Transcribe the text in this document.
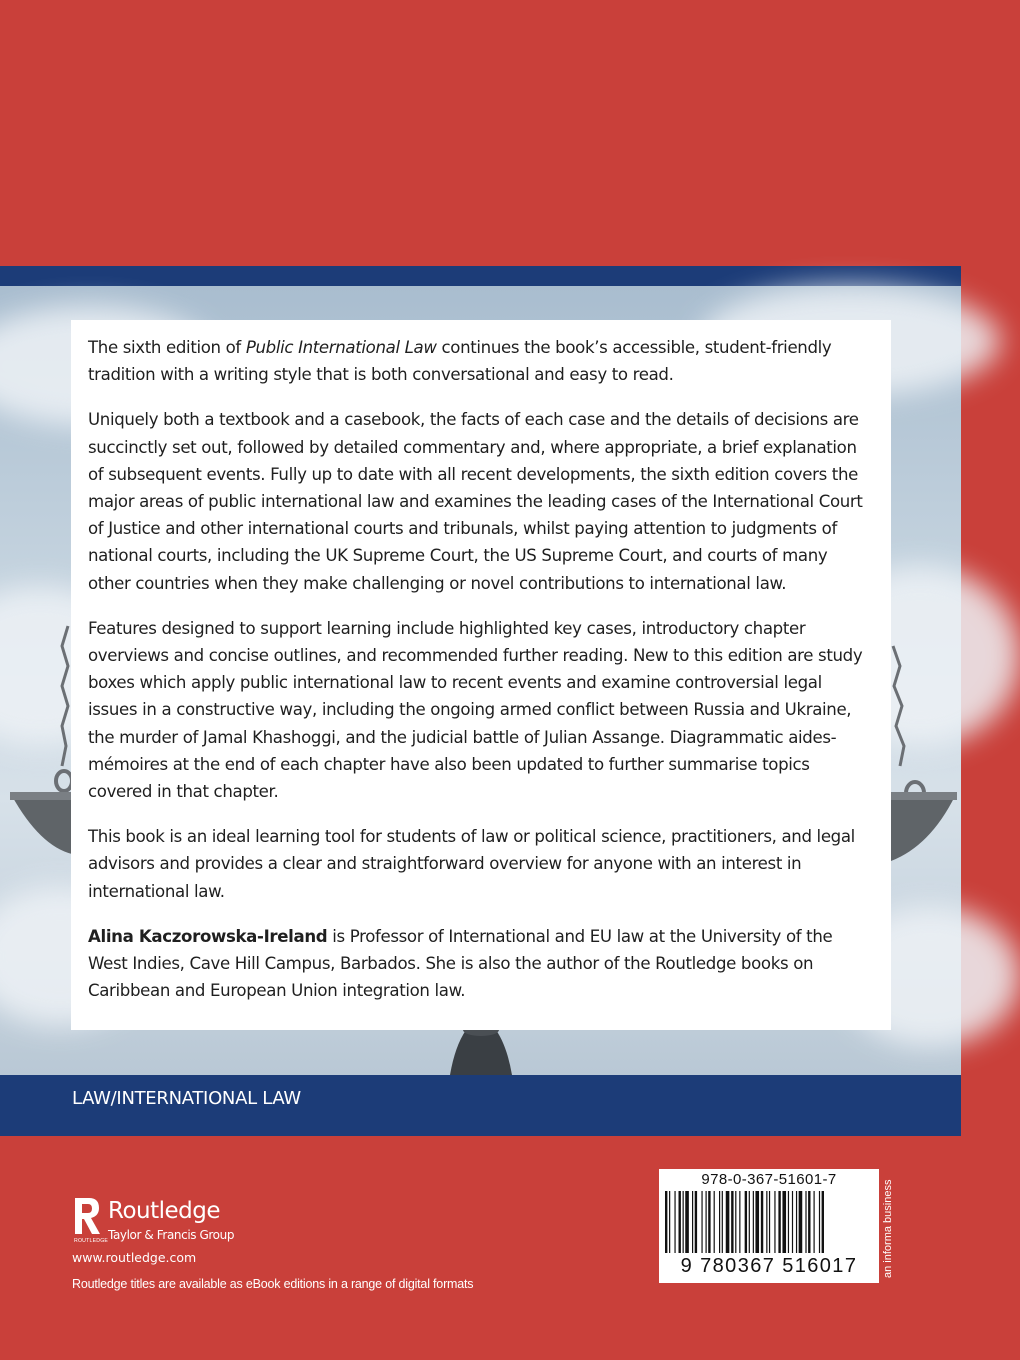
The sixth edition of Public International Law continues the book’s accessible, student-friendly tradition with a writing style that is both conversational and easy to read.

Uniquely both a textbook and a casebook, the facts of each case and the details of decisions are succinctly set out, followed by detailed commentary and, where appropriate, a brief explanation of subsequent events. Fully up to date with all recent developments, the sixth edition covers the major areas of public international law and examines the leading cases of the International Court of Justice and other international courts and tribunals, whilst paying attention to judgments of national courts, including the UK Supreme Court, the US Supreme Court, and courts of many other countries when they make challenging or novel contributions to international law.

Features designed to support learning include highlighted key cases, introductory chapter overviews and concise outlines, and recommended further reading. New to this edition are study boxes which apply public international law to recent events and examine controversial legal issues in a constructive way, including the ongoing armed conflict between Russia and Ukraine, the murder of Jamal Khashoggi, and the judicial battle of Julian Assange. Diagrammatic aides-mémoires at the end of each chapter have also been updated to further summarise topics covered in that chapter.

This book is an ideal learning tool for students of law or political science, practitioners, and legal advisors and provides a clear and straightforward overview for anyone with an interest in international law.

Alina Kaczorowska-Ireland is Professor of International and EU law at the University of the West Indies, Cave Hill Campus, Barbados. She is also the author of the Routledge books on Caribbean and European Union integration law.

LAW/INTERNATIONAL LAW
ROUTLEDGE
Routledge
Taylor & Francis Group
www.routledge.com
Routledge titles are available as eBook editions in a range of digital formats
978-0-367-51601-7
9 780367 516017	an informa business
